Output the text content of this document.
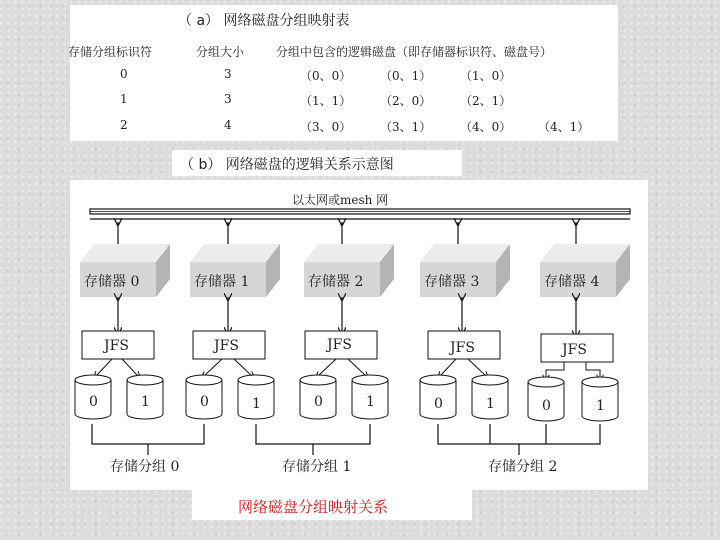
（ a） 网络磁盘分组映射表
存储分组标识符	分组大小	分组中包含的逻辑磁盘（即存储器标识符、磁盘号）
0	3	（0、0） （0、1） （1、0）
1	3	（1、1） （2、0） （2、1）
2	4	（3、0） （3、1） （4、0） （4、1）
（ b） 网络磁盘的逻辑关系示意图
以太网或mesh 网
存储器 0	存储器 1	存储器 2	存储器 3	存储器 4
JFS	JFS	JFS	JFS	JFS
0	1	0	1	0	1	0	1	0	1
存储分组 0	存储分组 1	存储分组 2
网络磁盘分组映射关系
